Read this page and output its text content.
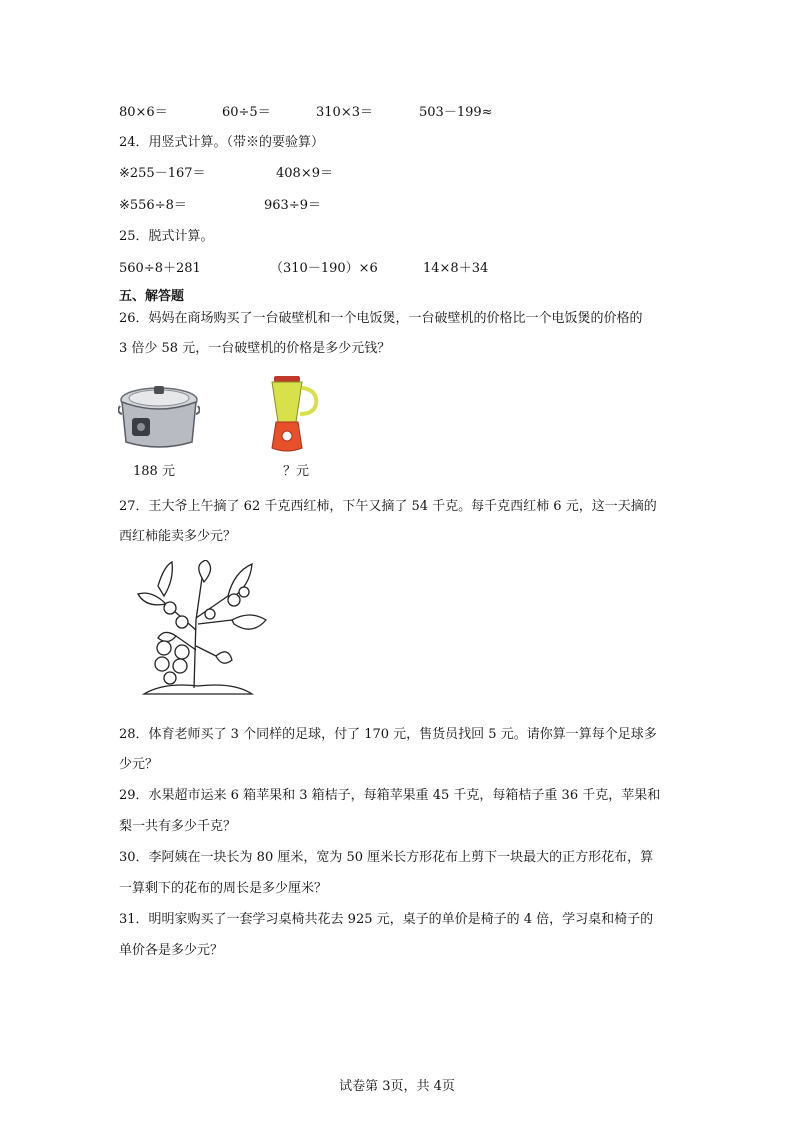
80×6＝	60÷5＝	310×3＝	503－199≈
24．用竖式计算。（带※的要验算）
※255－167＝	408×9＝
※556÷8＝	963÷9＝
25．脱式计算。
560÷8＋281	（310－190）×6	14×8＋34
五、解答题
26．妈妈在商场购买了一台破壁机和一个电饭煲，一台破壁机的价格比一个电饭煲的价格的
3 倍少 58 元，一台破壁机的价格是多少元钱？
188 元	？元
27．王大爷上午摘了 62 千克西红柿，下午又摘了 54 千克。每千克西红柿 6 元，这一天摘的
西红柿能卖多少元？
28．体育老师买了 3 个同样的足球，付了 170 元，售货员找回 5 元。请你算一算每个足球多
少元？
29．水果超市运来 6 箱苹果和 3 箱桔子，每箱苹果重 45 千克，每箱桔子重 36 千克，苹果和
梨一共有多少千克？
30．李阿姨在一块长为 80 厘米，宽为 50 厘米长方形花布上剪下一块最大的正方形花布，算
一算剩下的花布的周长是多少厘米？
31．明明家购买了一套学习桌椅共花去 925 元，桌子的单价是椅子的 4 倍，学习桌和椅子的
单价各是多少元？
试卷第 3页，共 4页
